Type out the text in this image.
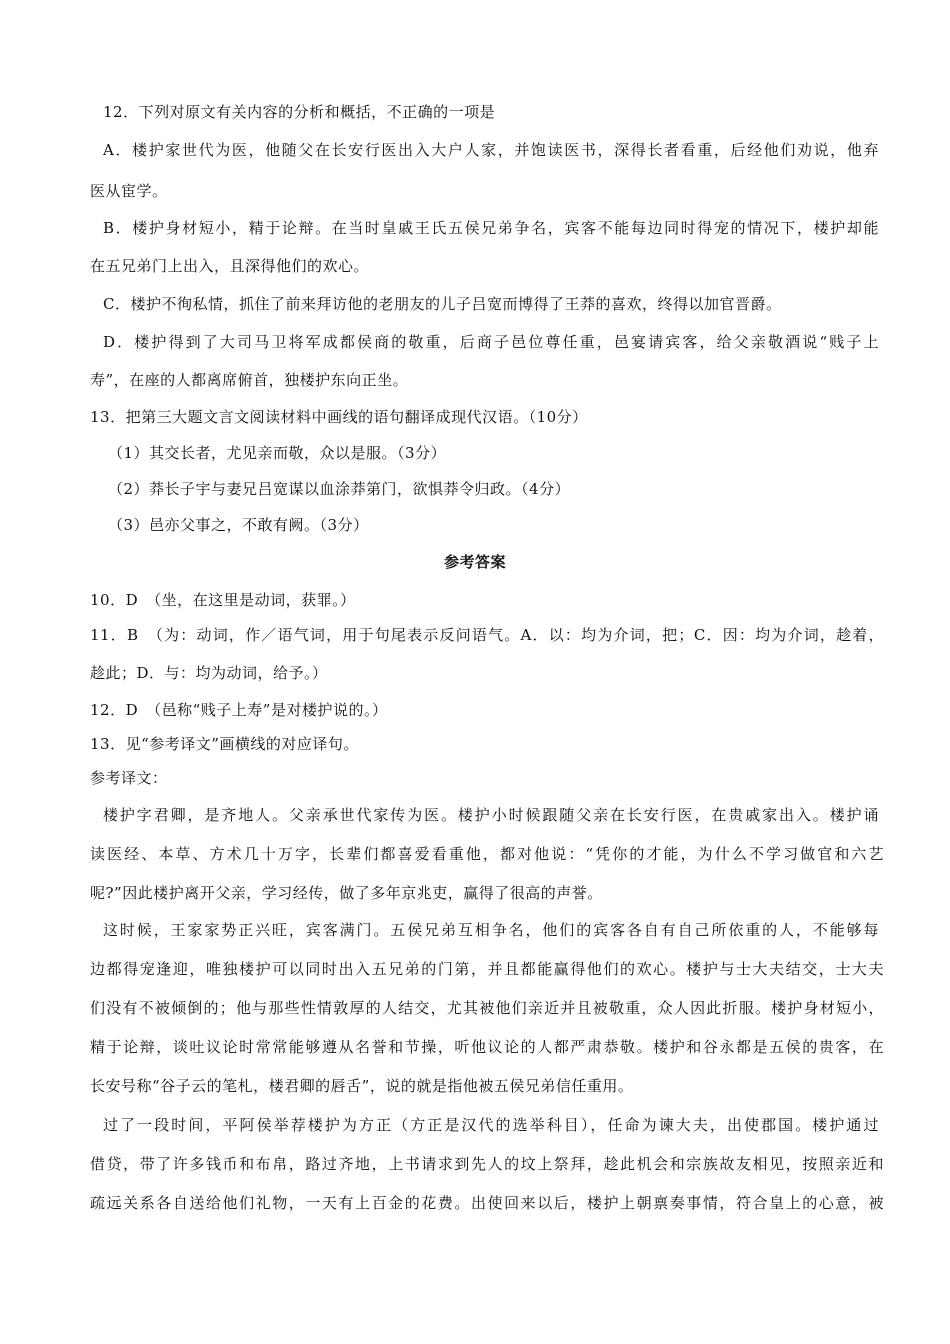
12．下列对原文有关内容的分析和概括，不正确的一项是
A．楼护家世代为医，他随父在长安行医出入大户人家，并饱读医书，深得长者看重，后经他们劝说，他弃
医从宦学。
B．楼护身材短小，精于论辩。在当时皇戚王氏五侯兄弟争名，宾客不能每边同时得宠的情况下，楼护却能
在五兄弟门上出入，且深得他们的欢心。
C．楼护不徇私情，抓住了前来拜访他的老朋友的儿子吕宽而博得了王莽的喜欢，终得以加官晋爵。
D．楼护得到了大司马卫将军成都侯商的敬重，后商子邑位尊任重，邑宴请宾客，给父亲敬酒说“贱子上
寿”，在座的人都离席俯首，独楼护东向正坐。
13．把第三大题文言文阅读材料中画线的语句翻译成现代汉语。（10分）
（1）其交长者，尤见亲而敬，众以是服。（3分）
（2）莽长子宇与妻兄吕宽谋以血涂莽第门，欲惧莽令归政。（4分）
（3）邑亦父事之，不敢有阙。（3分）
参考答案
10．D　（坐，在这里是动词，获罪。）
11．B　（为：动词，作／语气词，用于句尾表示反问语气。A．以：均为介词，把；C．因：均为介词，趁着，
趁此；D．与：均为动词，给予。）
12．D　（邑称“贱子上寿”是对楼护说的。）
13．见“参考译文”画横线的对应译句。
参考译文：
楼护字君卿，是齐地人。父亲承世代家传为医。楼护小时候跟随父亲在长安行医，在贵戚家出入。楼护诵
读医经、本草、方术几十万字，长辈们都喜爱看重他，都对他说：“凭你的才能，为什么不学习做官和六艺
呢?”因此楼护离开父亲，学习经传，做了多年京兆吏，赢得了很高的声誉。
这时候，王家家势正兴旺，宾客满门。五侯兄弟互相争名，他们的宾客各自有自己所依重的人，不能够每
边都得宠逢迎，唯独楼护可以同时出入五兄弟的门第，并且都能赢得他们的欢心。楼护与士大夫结交，士大夫
们没有不被倾倒的；他与那些性情敦厚的人结交，尤其被他们亲近并且被敬重，众人因此折服。楼护身材短小，
精于论辩，谈吐议论时常常能够遵从名誉和节操，听他议论的人都严肃恭敬。楼护和谷永都是五侯的贵客，在
长安号称“谷子云的笔札，楼君卿的唇舌”，说的就是指他被五侯兄弟信任重用。
过了一段时间，平阿侯举荐楼护为方正（方正是汉代的选举科目），任命为谏大夫，出使郡国。楼护通过
借贷，带了许多钱币和布帛，路过齐地，上书请求到先人的坟上祭拜，趁此机会和宗族故友相见，按照亲近和
疏远关系各自送给他们礼物，一天有上百金的花费。出使回来以后，楼护上朝禀奏事情，符合皇上的心意，被
